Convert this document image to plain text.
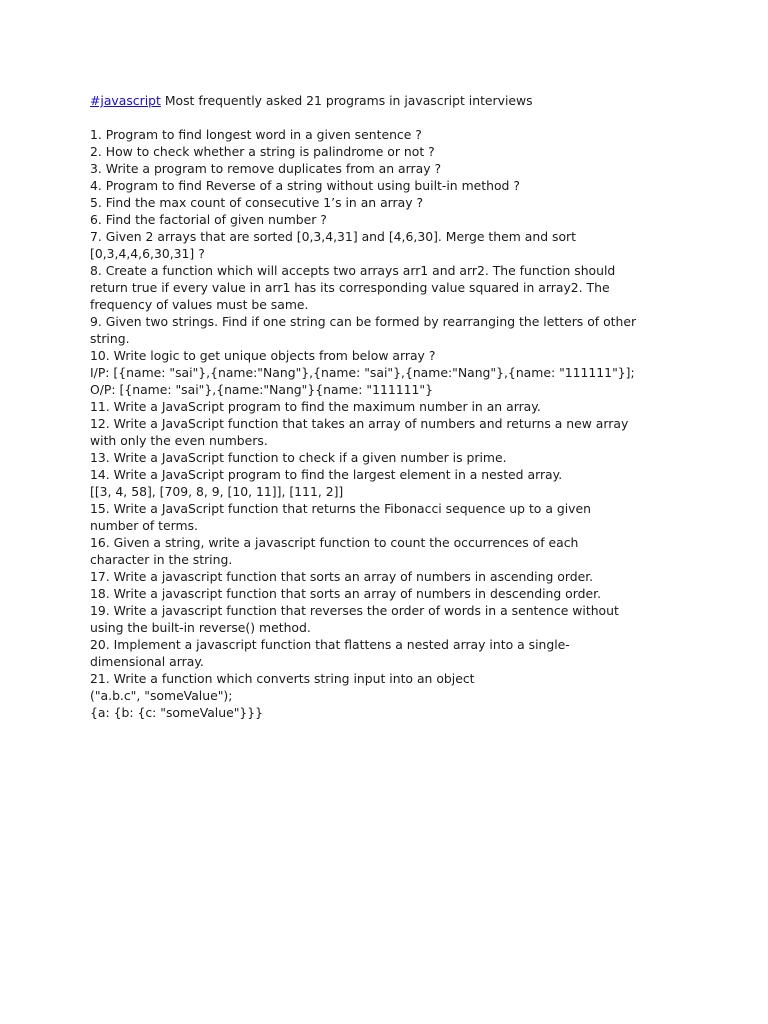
#javascript Most frequently asked 21 programs in javascript interviews

1. Program to find longest word in a given sentence ?

2. How to check whether a string is palindrome or not ?

3. Write a program to remove duplicates from an array ?

4. Program to find Reverse of a string without using built-in method ?

5. Find the max count of consecutive 1’s in an array ?

6. Find the factorial of given number ?

7. Given 2 arrays that are sorted [0,3,4,31] and [4,6,30]. Merge them and sort

[0,3,4,4,6,30,31] ?

8. Create a function which will accepts two arrays arr1 and arr2. The function should

return true if every value in arr1 has its corresponding value squared in array2. The

frequency of values must be same.

9. Given two strings. Find if one string can be formed by rearranging the letters of other

string.

10. Write logic to get unique objects from below array ?

I/P: [{name: "sai"},{name:"Nang"},{name: "sai"},{name:"Nang"},{name: "111111"}];

O/P: [{name: "sai"},{name:"Nang"}{name: "111111"}

11. Write a JavaScript program to find the maximum number in an array.

12. Write a JavaScript function that takes an array of numbers and returns a new array

with only the even numbers.

13. Write a JavaScript function to check if a given number is prime.

14. Write a JavaScript program to find the largest element in a nested array.

[[3, 4, 58], [709, 8, 9, [10, 11]], [111, 2]]

15. Write a JavaScript function that returns the Fibonacci sequence up to a given

number of terms.

16. Given a string, write a javascript function to count the occurrences of each

character in the string.

17. Write a javascript function that sorts an array of numbers in ascending order.

18. Write a javascript function that sorts an array of numbers in descending order.

19. Write a javascript function that reverses the order of words in a sentence without

using the built-in reverse() method.

20. Implement a javascript function that flattens a nested array into a single-

dimensional array.

21. Write a function which converts string input into an object

("a.b.c", "someValue");

{a: {b: {c: "someValue"}}}
